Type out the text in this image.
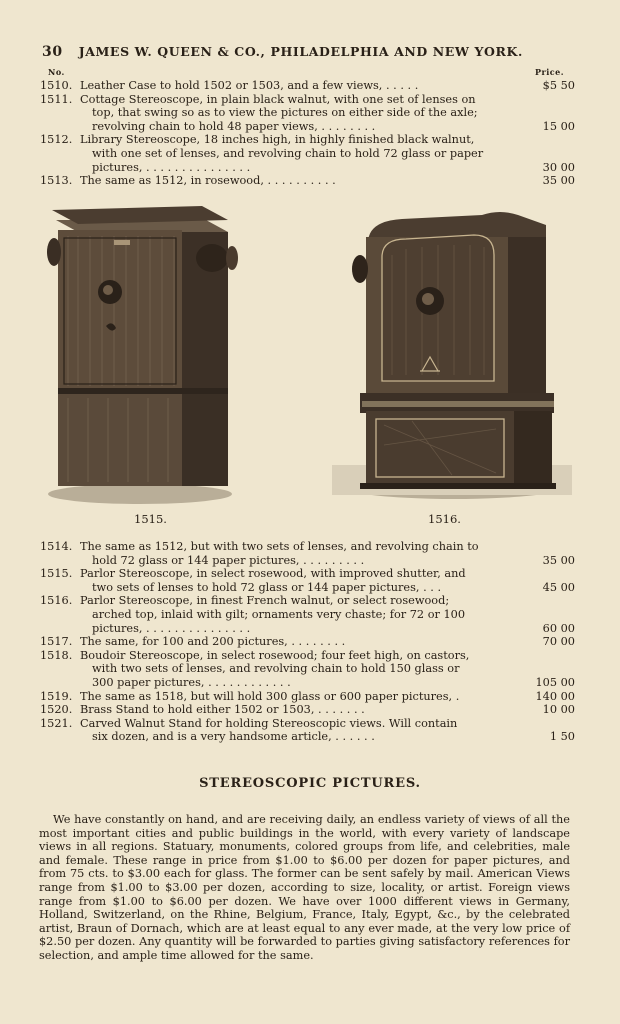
30 JAMES W. QUEEN & CO., PHILADELPHIA AND NEW YORK.
No.	Price.
1510. Leather Case to hold 1502 or 1503, and a few views, . . . . .	$5 50
1511. Cottage Stereoscope, in plain black walnut, with one set of lenses on
top, that swing so as to view the pictures on either side of the axle;
revolving chain to hold 48 paper views, . . . . . . . .	15 00
1512. Library Stereoscope, 18 inches high, in highly finished black walnut,
with one set of lenses, and revolving chain to hold 72 glass or paper
pictures, . . . . . . . . . . . . . . .	30 00
1513. The same as 1512, in rosewood, . . . . . . . . . .	35 00
1515.	1516.
1514. The same as 1512, but with two sets of lenses, and revolving chain to
hold 72 glass or 144 paper pictures, . . . . . . . . .	35 00
1515. Parlor Stereoscope, in select rosewood, with improved shutter, and
two sets of lenses to hold 72 glass or 144 paper pictures, . . .	45 00
1516. Parlor Stereoscope, in finest French walnut, or select rosewood;
arched top, inlaid with gilt; ornaments very chaste; for 72 or 100
pictures, . . . . . . . . . . . . . . .	60 00
1517. The same, for 100 and 200 pictures, . . . . . . . .	70 00
1518. Boudoir Stereoscope, in select rosewood; four feet high, on castors,
with two sets of lenses, and revolving chain to hold 150 glass or
300 paper pictures, . . . . . . . . . . . .	105 00
1519. The same as 1518, but will hold 300 glass or 600 paper pictures, .	140 00
1520. Brass Stand to hold either 1502 or 1503, . . . . . . .	10 00
1521. Carved Walnut Stand for holding Stereoscopic views. Will contain
six dozen, and is a very handsome article, . . . . . .	1 50
STEREOSCOPIC PICTURES.
We have constantly on hand, and are receiving daily, an endless variety of views of all the most important cities and public buildings in the world, with every variety of landscape views in all regions. Statuary, monuments, colored groups from life, and celebrities, male and female. These range in price from $1.00 to $6.00 per dozen for paper pictures, and from 75 cts. to $3.00 each for glass. The former can be sent safely by mail. American Views range from $1.00 to $3.00 per dozen, according to size, locality, or artist. Foreign views range from $1.00 to $6.00 per dozen. We have over 1000 different views in Germany, Holland, Switzerland, on the Rhine, Belgium, France, Italy, Egypt, &c., by the celebrated artist, Braun of Dornach, which are at least equal to any ever made, at the very low price of $2.50 per dozen. Any quantity will be forwarded to parties giving satisfactory references for selection, and ample time allowed for the same.
